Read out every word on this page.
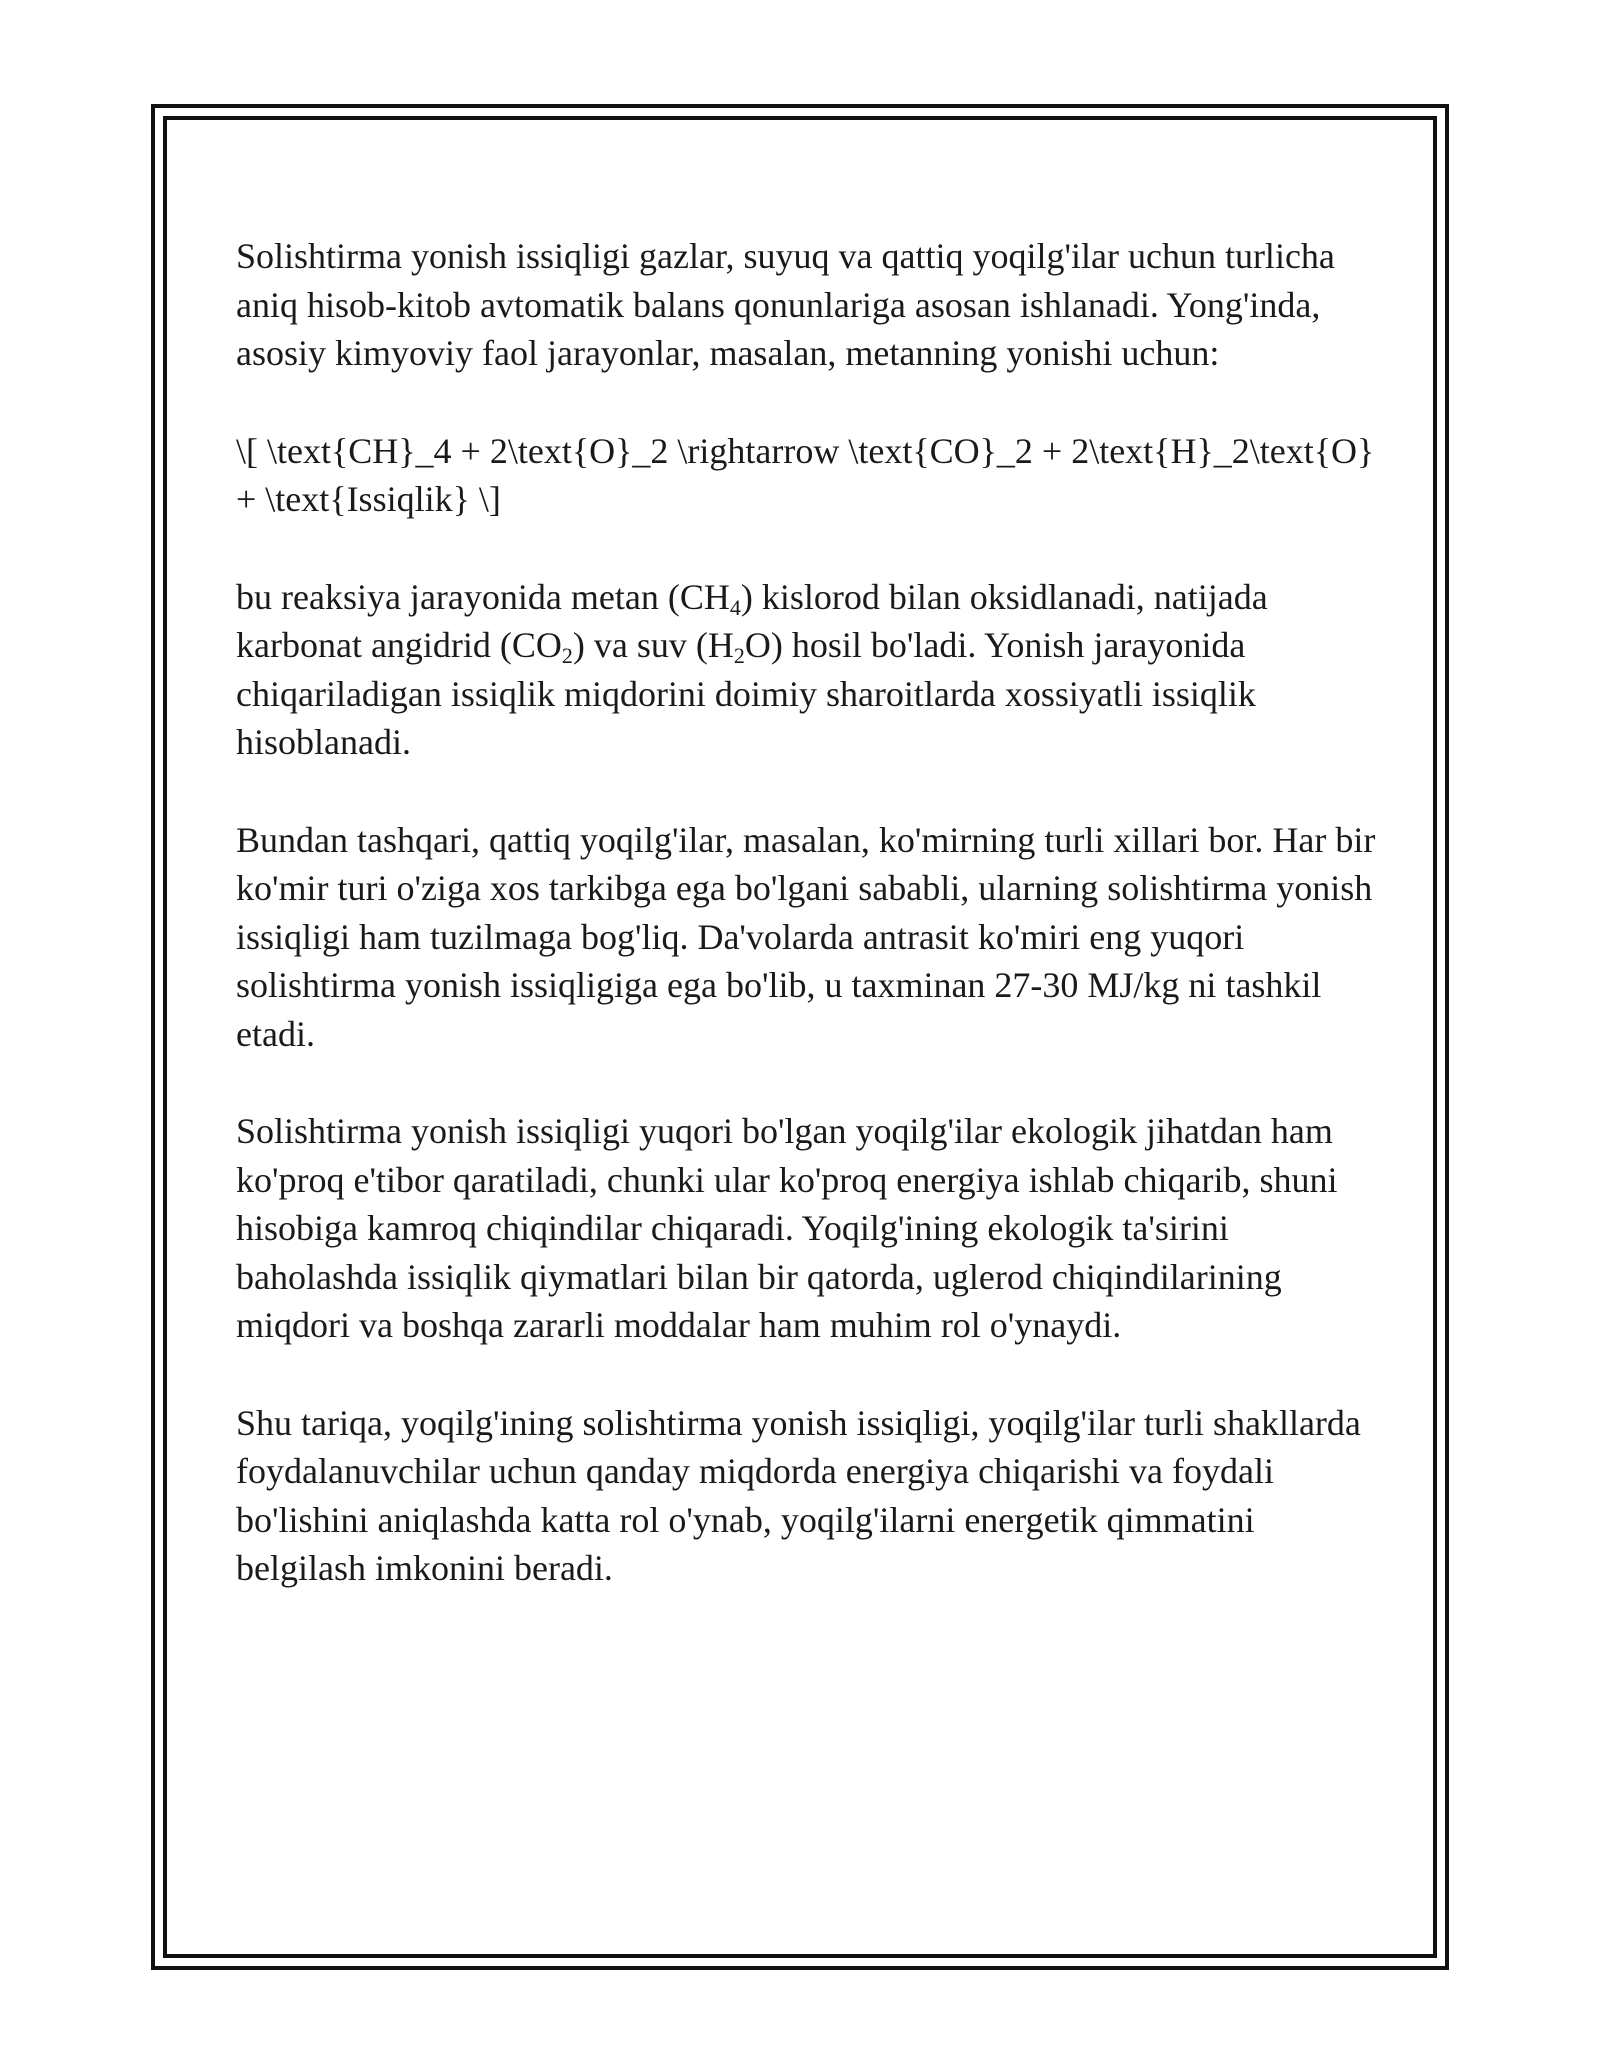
Solishtirma yonish issiqligi gazlar, suyuq va qattiq yoqilg'ilar uchun turlicha aniq hisob-kitob avtomatik balans qonunlariga asosan ishlanadi. Yong'inda, asosiy kimyoviy faol jarayonlar, masalan, metanning yonishi uchun:

\[ \text{CH}_4 + 2\text{O}_2 \rightarrow \text{CO}_2 + 2\text{H}_2\text{O} + \text{Issiqlik} \]

bu reaksiya jarayonida metan $(CH_4)$ kislorod bilan oksidlanadi, natijada karbonat angidrid $(CO_2)$ va suv $(H_2O)$ hosil bo'ladi. Yonish jarayonida chiqariladigan issiqlik miqdorini doimiy sharoitlarda xossiyatli issiqlik hisoblanadi.

Bundan tashqari, qattiq yoqilg'ilar, masalan, ko'mirning turli xillari bor. Har bir ko'mir turi o'ziga xos tarkibga ega bo'lgani sababli, ularning solishtirma yonish issiqligi ham tuzilmaga bog'liq. Da'volarda antrasit ko'miri eng yuqori solishtirma yonish issiqligiga ega bo'lib, u taxminan 27-30 MJ/kg ni tashkil etadi.

Solishtirma yonish issiqligi yuqori bo'lgan yoqilg'ilar ekologik jihatdan ham ko'proq e'tibor qaratiladi, chunki ular ko'proq energiya ishlab chiqarib, shuni hisobiga kamroq chiqindilar chiqaradi. Yoqilg'ining ekologik ta'sirini baholashda issiqlik qiymatlari bilan bir qatorda, uglerod chiqindilarining miqdori va boshqa zararli moddalar ham muhim rol o'ynaydi.

Shu tariqa, yoqilg'ining solishtirma yonish issiqligi, yoqilg'ilar turli shakllarda foydalanuvchilar uchun qanday miqdorda energiya chiqarishi va foydali bo'lishini aniqlashda katta rol o'ynab, yoqilg'ilarni energetik qimmatini belgilash imkonini beradi.
